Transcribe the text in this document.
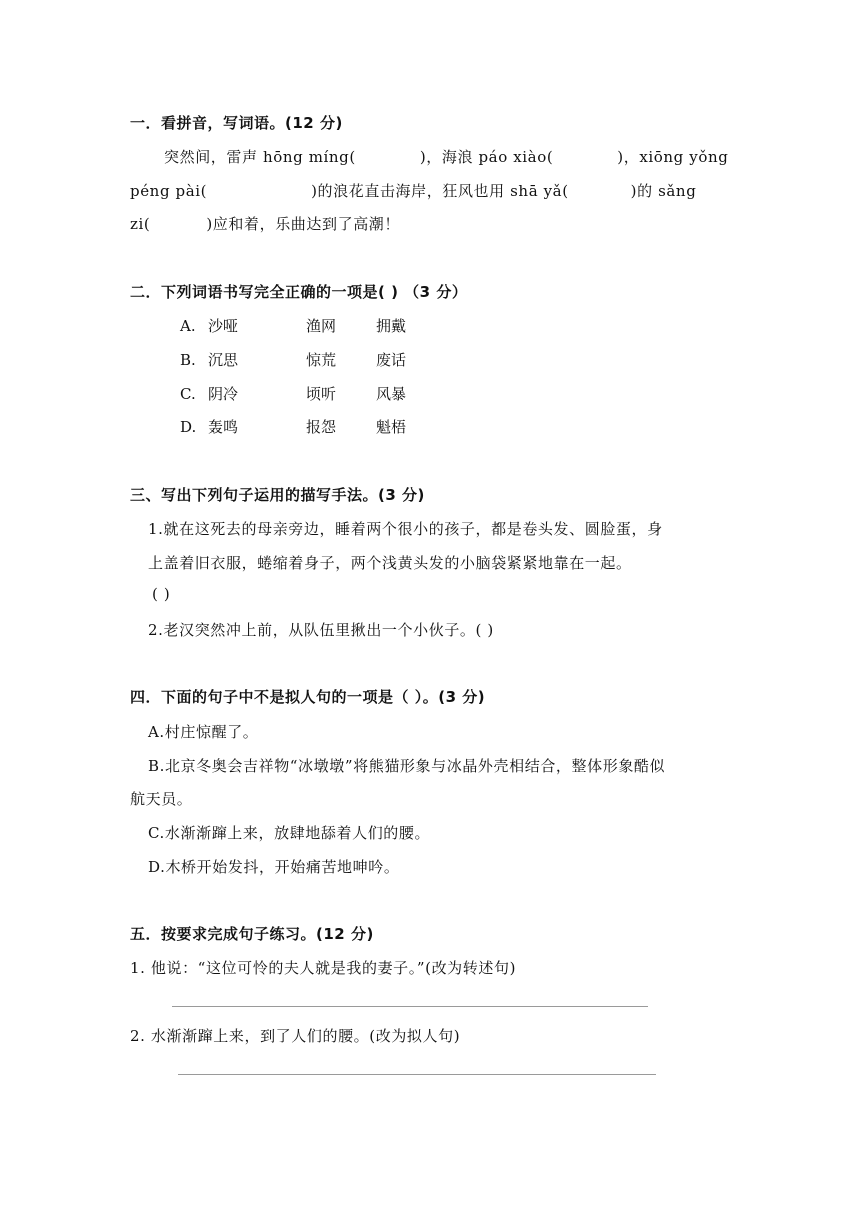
一．看拼音，写词语。(12 分)
突然间，雷声 hōng míng(	)，海浪 páo xiào(	)，xiōng yǒng
péng pài(	)的浪花直击海岸，狂风也用 shā yǎ(	)的 sǎng
zi(	)应和着，乐曲达到了高潮！
二．下列词语书写完全正确的一项是( ) （3 分）
A. 沙哑	渔网	拥戴
B. 沉思	惊荒	废话
C. 阴冷	顷听	风暴
D. 轰鸣	报怨	魁梧
三、写出下列句子运用的描写手法。(3 分)
1.就在这死去的母亲旁边，睡着两个很小的孩子，都是卷头发、圆脸蛋，身
上盖着旧衣服，蜷缩着身子，两个浅黄头发的小脑袋紧紧地靠在一起。
( )
2.老汉突然冲上前，从队伍里揪出一个小伙子。( )
四．下面的句子中不是拟人句的一项是（ ）。(3 分)
A.村庄惊醒了。
B.北京冬奥会吉祥物“冰墩墩”将熊猫形象与冰晶外壳相结合，整体形象酷似
航天员。
C.水渐渐蹿上来，放肆地舔着人们的腰。
D.木桥开始发抖，开始痛苦地呻吟。
五．按要求完成句子练习。(12 分)
1. 他说：“这位可怜的夫人就是我的妻子。”(改为转述句)
2. 水渐渐蹿上来，到了人们的腰。(改为拟人句)
